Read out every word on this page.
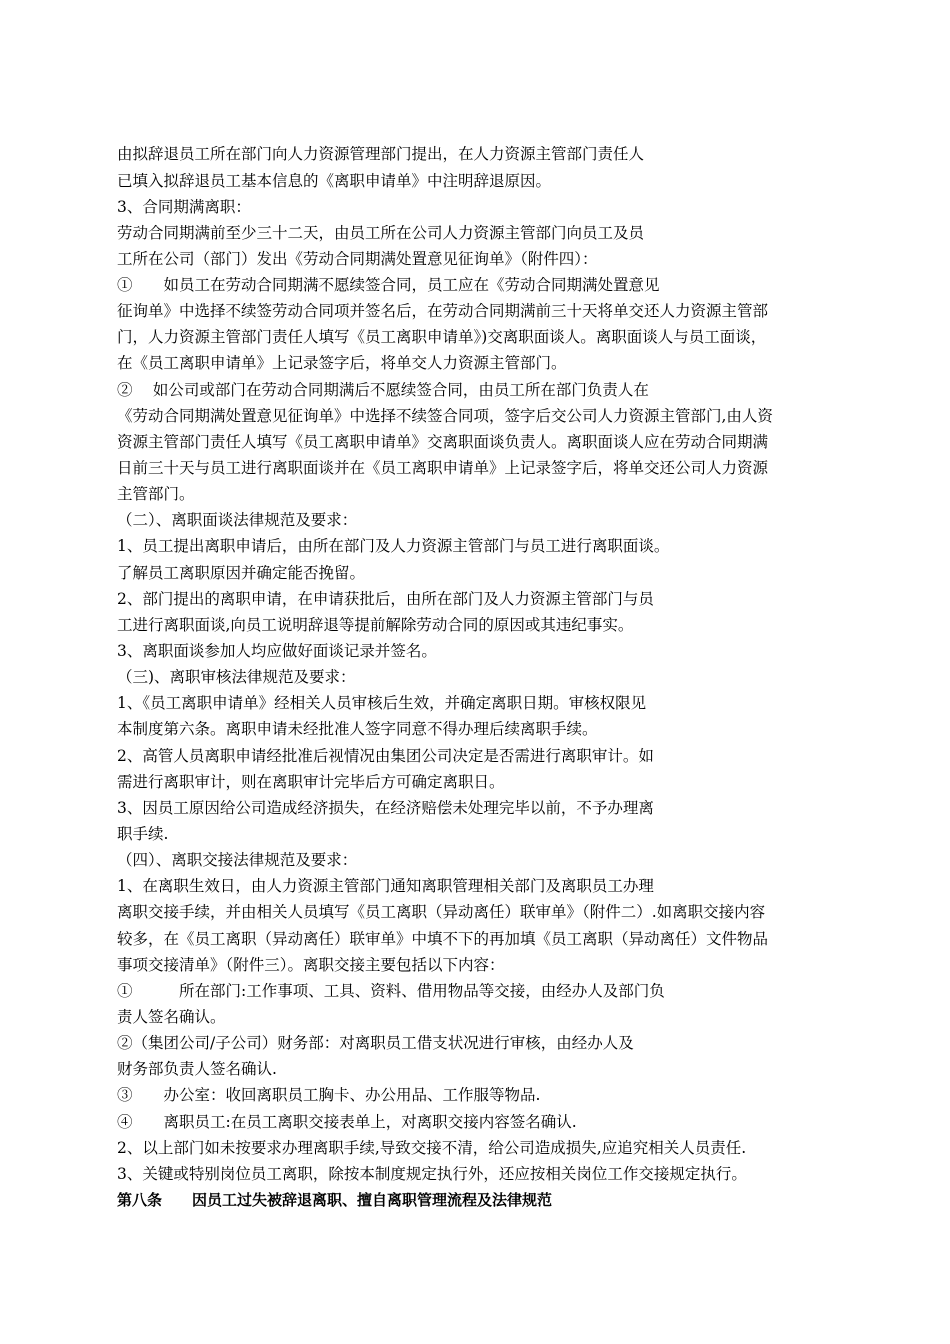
由拟辞退员工所在部门向人力资源管理部门提出，在人力资源主管部门责任人

已填入拟辞退员工基本信息的《离职申请单》中注明辞退原因。

3、合同期满离职：

劳动合同期满前至少三十二天，由员工所在公司人力资源主管部门向员工及员

工所在公司（部门）发出《劳动合同期满处置意见征询单》（附件四）：

①　　如员工在劳动合同期满不愿续签合同，员工应在《劳动合同期满处置意见

征询单》中选择不续签劳动合同项并签名后，在劳动合同期满前三十天将单交还人力资源主管部

门，人力资源主管部门责任人填写《员工离职申请单》)交离职面谈人。离职面谈人与员工面谈，

在《员工离职申请单》上记录签字后，将单交人力资源主管部门。

②　 如公司或部门在劳动合同期满后不愿续签合同，由员工所在部门负责人在

《劳动合同期满处置意见征询单》中选择不续签合同项，签字后交公司人力资源主管部门,由人资

资源主管部门责任人填写《员工离职申请单》交离职面谈负责人。离职面谈人应在劳动合同期满

日前三十天与员工进行离职面谈并在《员工离职申请单》上记录签字后，将单交还公司人力资源

主管部门。

（二）、离职面谈法律规范及要求：

1、员工提出离职申请后，由所在部门及人力资源主管部门与员工进行离职面谈。

了解员工离职原因并确定能否挽留。

2、部门提出的离职申请，在申请获批后，由所在部门及人力资源主管部门与员

工进行离职面谈,向员工说明辞退等提前解除劳动合同的原因或其违纪事实。

3、离职面谈参加人均应做好面谈记录并签名。

（三)、离职审核法律规范及要求：

1、《员工离职申请单》经相关人员审核后生效，并确定离职日期。审核权限见

本制度第六条。离职申请未经批准人签字同意不得办理后续离职手续。

2、高管人员离职申请经批准后视情况由集团公司决定是否需进行离职审计。如

需进行离职审计，则在离职审计完毕后方可确定离职日。

3、因员工原因给公司造成经济损失，在经济赔偿未处理完毕以前，不予办理离

职手续.

（四）、离职交接法律规范及要求：

1、在离职生效日，由人力资源主管部门通知离职管理相关部门及离职员工办理

离职交接手续，并由相关人员填写《员工离职（异动离任）联审单》（附件二）.如离职交接内容

较多，在《员工离职（异动离任）联审单》中填不下的再加填《员工离职（异动离任）文件物品

事项交接清单》（附件三）。离职交接主要包括以下内容：

①　　　所在部门:工作事项、工具、资料、借用物品等交接，由经办人及部门负

责人签名确认。

②（集团公司/子公司）财务部：对离职员工借支状况进行审核，由经办人及

财务部负责人签名确认.

③　　办公室：收回离职员工胸卡、办公用品、工作服等物品.

④　　离职员工:在员工离职交接表单上，对离职交接内容签名确认.

2、以上部门如未按要求办理离职手续,导致交接不清，给公司造成损失,应追究相关人员责任.

3、关键或特别岗位员工离职，除按本制度规定执行外，还应按相关岗位工作交接规定执行。

第八条　　因员工过失被辞退离职、擅自离职管理流程及法律规范
